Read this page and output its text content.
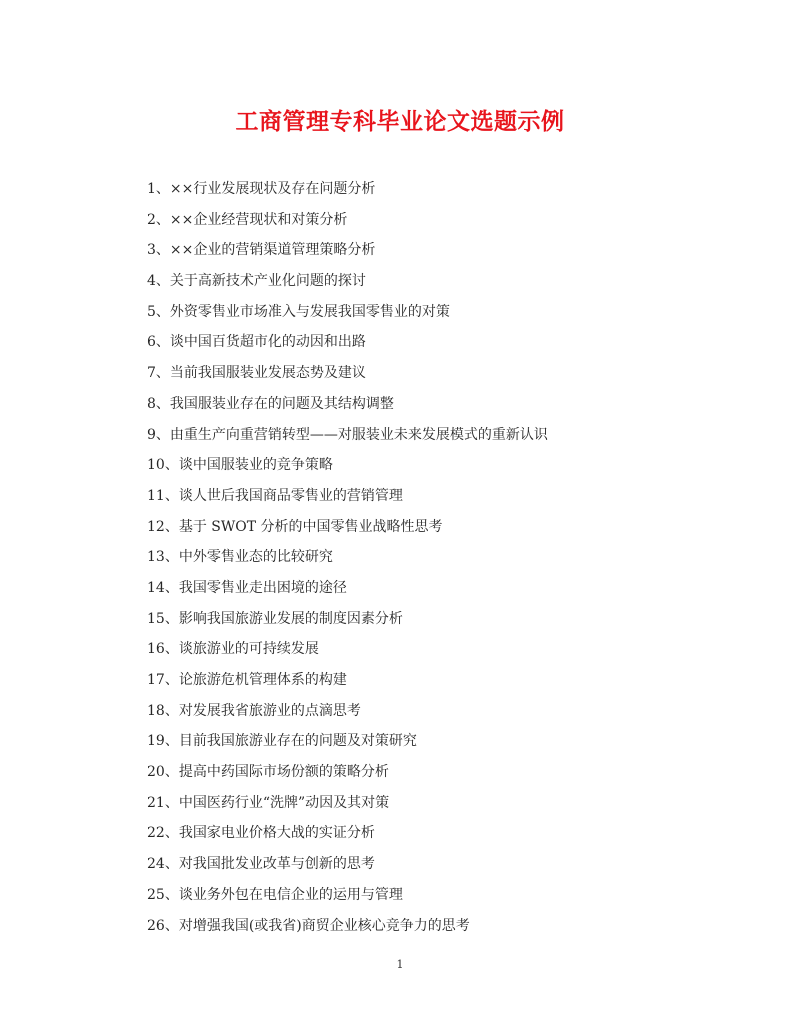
工商管理专科毕业论文选题示例
1、××行业发展现状及存在问题分析
2、××企业经营现状和对策分析
3、××企业的营销渠道管理策略分析
4、关于高新技术产业化问题的探讨
5、外资零售业市场准入与发展我国零售业的对策
6、谈中国百货超市化的动因和出路
7、当前我国服装业发展态势及建议
8、我国服装业存在的问题及其结构调整
9、由重生产向重营销转型——对服装业未来发展模式的重新认识
10、谈中国服装业的竞争策略
11、谈人世后我国商品零售业的营销管理
12、基于 SWOT 分析的中国零售业战略性思考
13、中外零售业态的比较研究
14、我国零售业走出困境的途径
15、影响我国旅游业发展的制度因素分析
16、谈旅游业的可持续发展
17、论旅游危机管理体系的构建
18、对发展我省旅游业的点滴思考
19、目前我国旅游业存在的问题及对策研究
20、提高中药国际市场份额的策略分析
21、中国医药行业“洗牌”动因及其对策
22、我国家电业价格大战的实证分析
24、对我国批发业改革与创新的思考
25、谈业务外包在电信企业的运用与管理
26、对增强我国(或我省)商贸企业核心竞争力的思考
1
